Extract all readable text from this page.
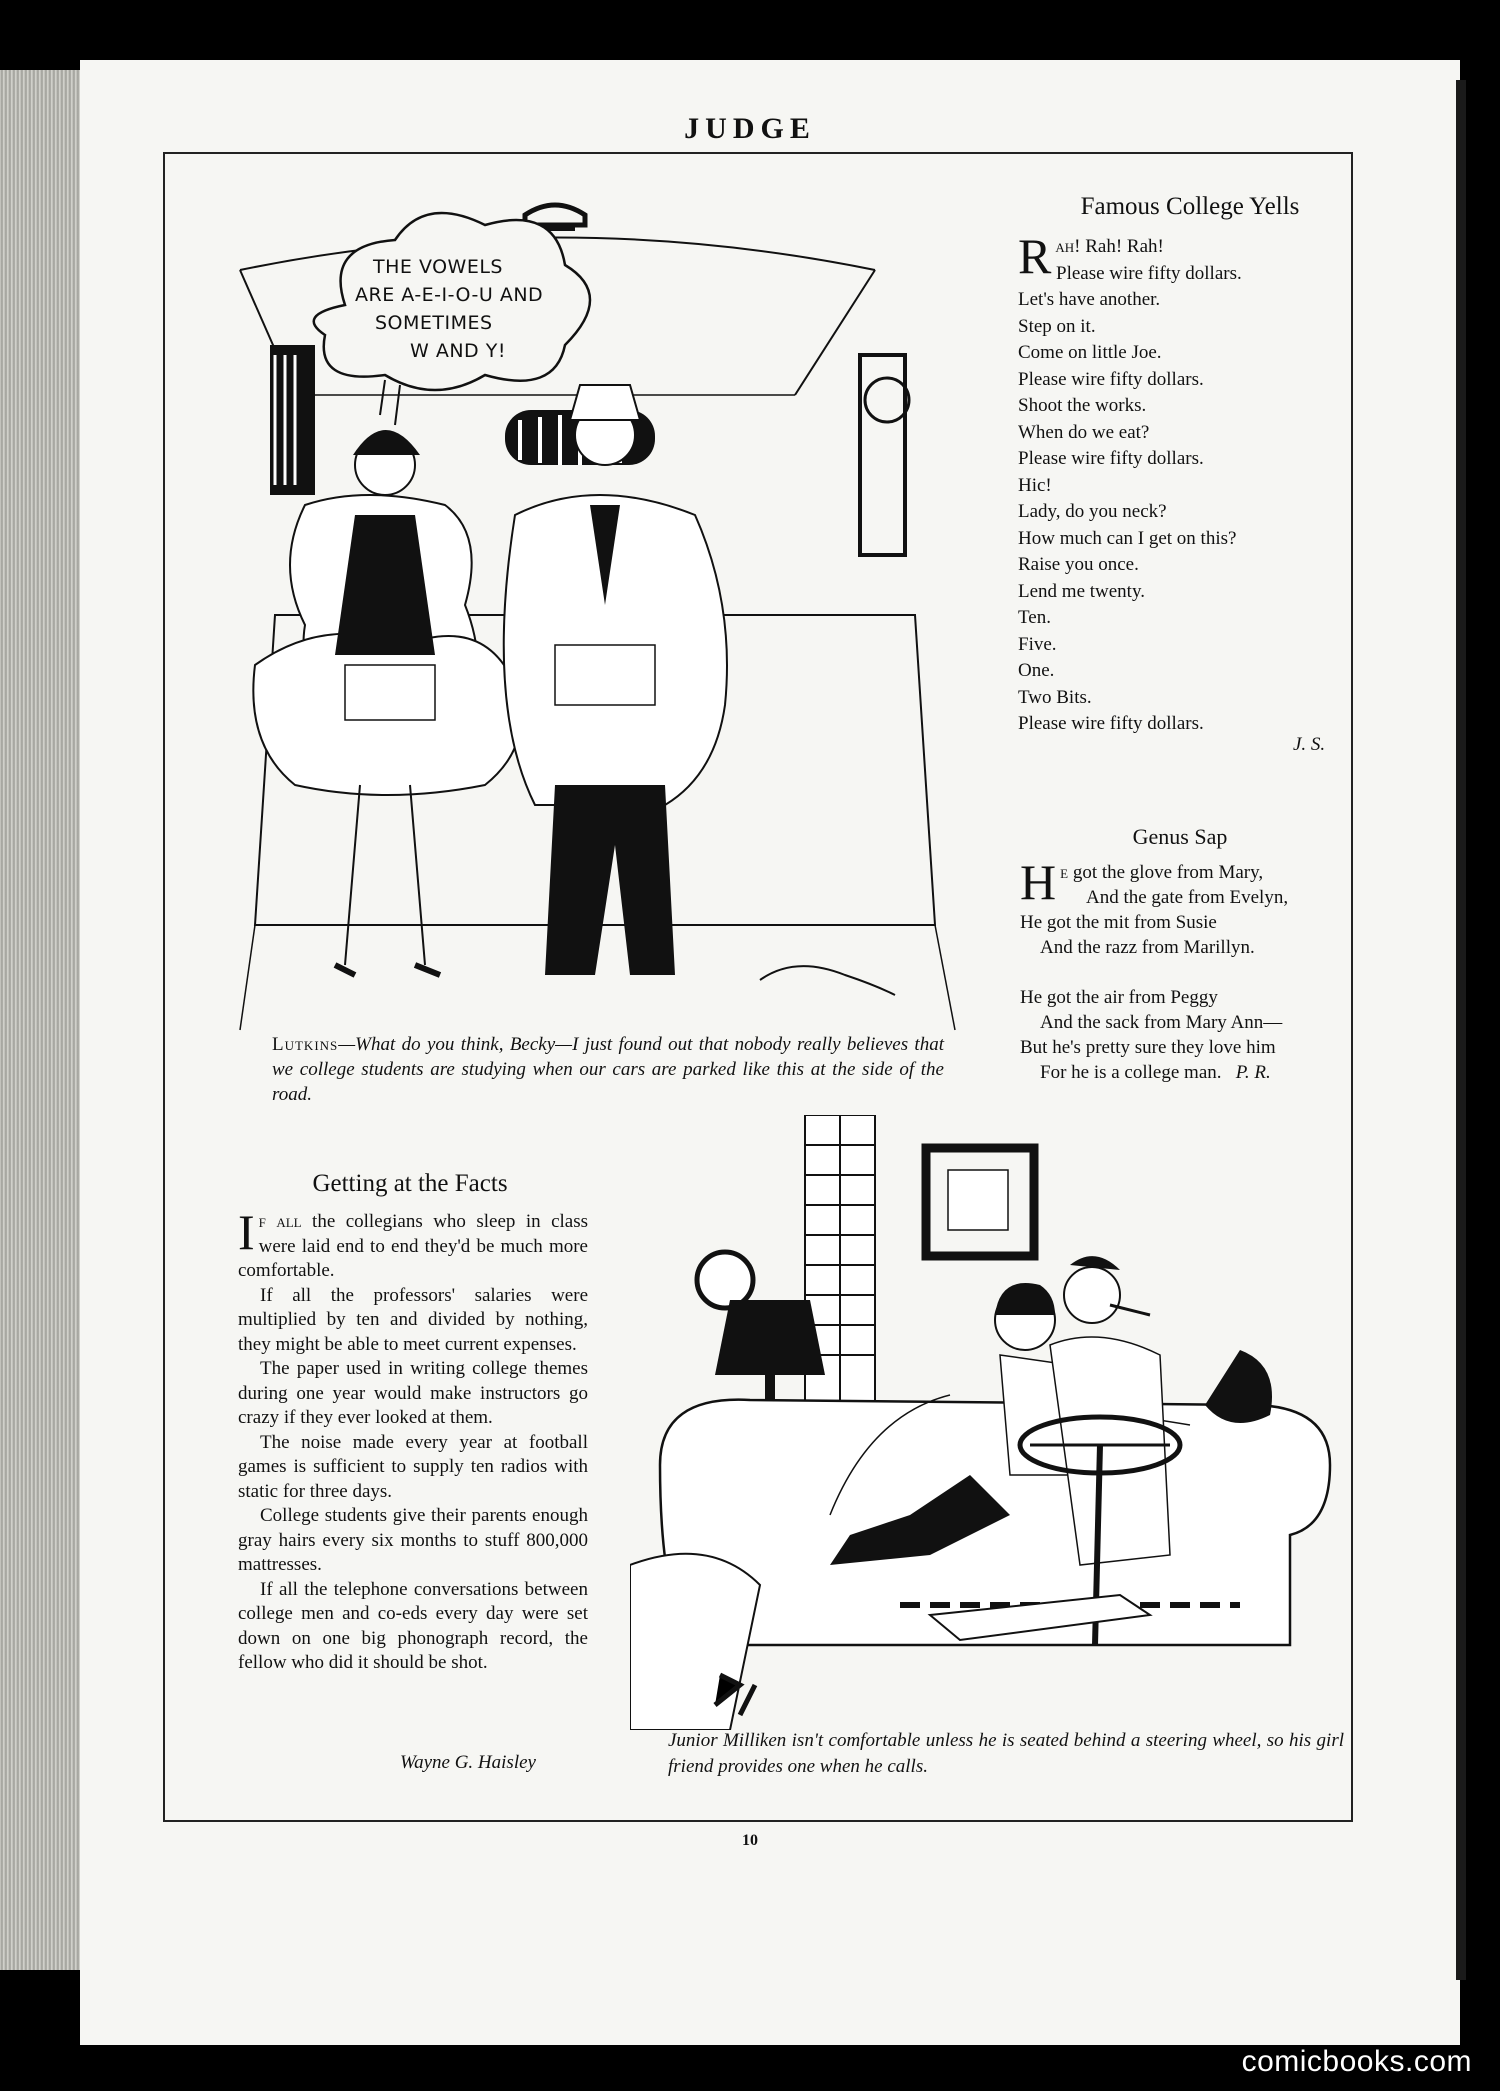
JUDGE
THE VOWELS
ARE A-E-I-O-U AND
SOMETIMES
W AND Y!
Lutkins—What do you think, Becky—I just found out that nobody really believes that we college students are studying when our cars are parked like this at the side of the road.
Famous College Yells
Rah! Rah! Rah!
Please wire fifty dollars.
Let's have another.
Step on it.
Come on little Joe.
Please wire fifty dollars.
Shoot the works.
When do we eat?
Please wire fifty dollars.
Hic!
Lady, do you neck?
How much can I get on this?
Raise you once.
Lend me twenty.
Ten.
Five.
One.
Two Bits.
Please wire fifty dollars.
J. S.
Genus Sap
He got the glove from Mary,
And the gate from Evelyn,
He got the mit from Susie
And the razz from Marillyn.
He got the air from Peggy
And the sack from Mary Ann—
But he's pretty sure they love him
For he is a college man. P. R.
Getting at the Facts

If all the collegians who sleep in class were laid end to end they'd be much more comfortable.

If all the professors' salaries were multiplied by ten and divided by nothing, they might be able to meet current expenses.

The paper used in writing college themes during one year would make instructors go crazy if they ever looked at them.

The noise made every year at football games is sufficient to supply ten radios with static for three days.

College students give their parents enough gray hairs every six months to stuff 800,000 mattresses.

If all the telephone conversations between college men and co-eds every day were set down on one big phonograph record, the fellow who did it should be shot.

Wayne G. Haisley
Junior Milliken isn't comfortable unless he is seated behind a steering wheel, so his girl friend provides one when he calls.
10
comicbooks.com
